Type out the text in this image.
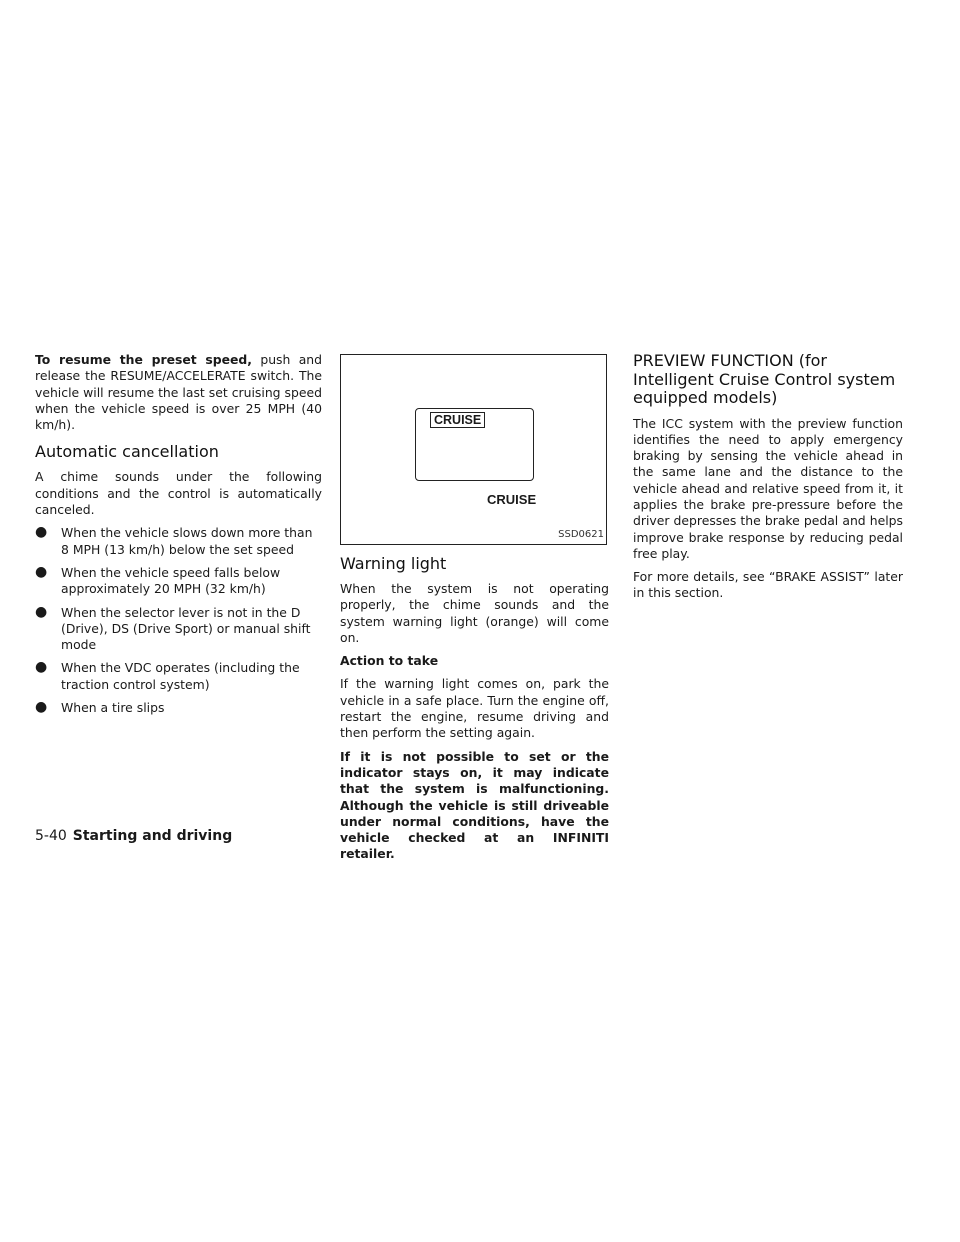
To resume the preset speed, push and release the RESUME/ACCELERATE switch. The vehicle will resume the last set cruising speed when the vehicle speed is over 25 MPH (40 km/h).

Automatic cancellation

A chime sounds under the following conditions and the control is automatically canceled.

● When the vehicle slows down more than 8 MPH (13 km/h) below the set speed
● When the vehicle speed falls below approximately 20 MPH (32 km/h)
● When the selector lever is not in the D (Drive), DS (Drive Sport) or manual shift mode
● When the VDC operates (including the traction control system)
● When a tire slips
CRUISE
CRUISE
SSD0621
Warning light

When the system is not operating properly, the chime sounds and the system warning light (orange) will come on.

Action to take

If the warning light comes on, park the vehicle in a safe place. Turn the engine off, restart the engine, resume driving and then perform the setting again.

If it is not possible to set or the indicator stays on, it may indicate that the system is malfunctioning. Although the vehicle is still driveable under normal conditions, have the vehicle checked at an INFINITI retailer.

PREVIEW FUNCTION (for Intelligent Cruise Control system equipped models)

The ICC system with the preview function identifies the need to apply emergency braking by sensing the vehicle ahead in the same lane and the distance to the vehicle ahead and relative speed from it, it applies the brake pre-pressure before the driver depresses the brake pedal and helps improve brake response by reducing pedal free play.

For more details, see “BRAKE ASSIST” later in this section.

5-40 Starting and driving
